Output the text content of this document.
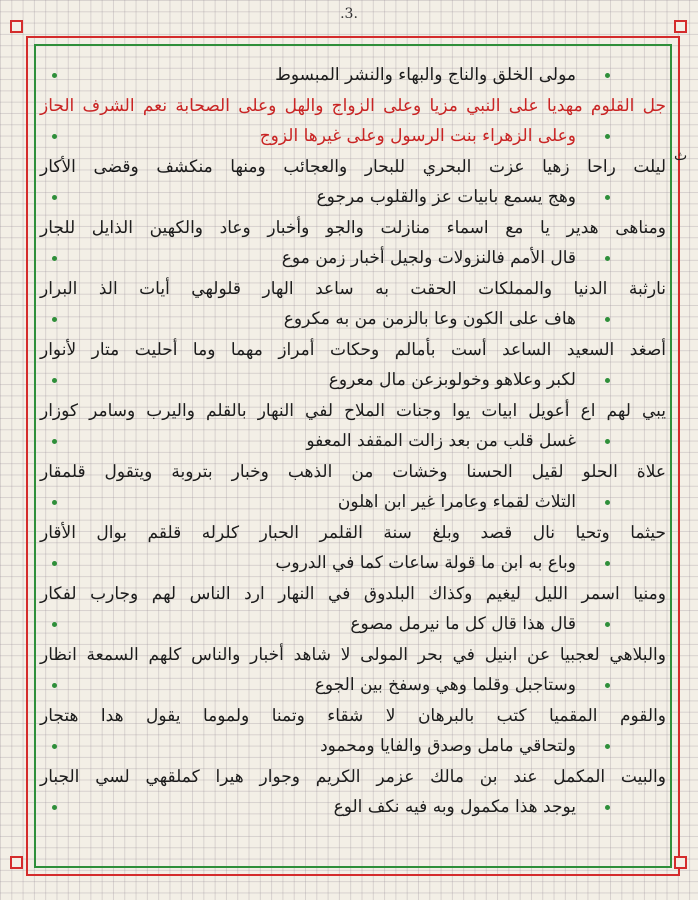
.3.
ث
مولى الخلق والناج والبهاء والنشر المبسوط
جل القلوم مهديا على النبي مزيا وعلى الزواج والهل وعلى الصحابة نعم الشرف الحاز
وعلى الزهراء بنت الرسول وعلى غيرها الزوج
ليلت راحا زهيا عزت البحري للبحار والعجائب ومنها منكشف وقضى الأكار
وهج يسمع بابيات عز والقلوب مرجوع
ومناهى هدير يا مع اسماء منازلت والجو وأخبار وعاد والكهين الذايل للجار
قال الأمم فالنزولات ولجيل أخبار زمن موع
نارثبة الدنيا والمملكات الحقت به ساعد الهار قلولهي أيات الذ البرار
هاف على الكون وعا بالزمن من به مكروع
أصغد السعيد الساعد أست بأمالم وحكات أمراز مهما وما أحليت متار لأنوار
لكبر وعلاهو وخولوبزعن مال معروع
يبي لهم اع أعويل ابيات يوا وجنات الملاح لفي النهار بالقلم واليرب وسامر كوزار
غسل قلب من بعد زالت المقفد المعفو
علاة الحلو لقيل الحسنا وخشات من الذهب وخبار بتروبة ويتقول قلمقار
التلاث لقماء وعامرا غير ابن اهلون
حيثما وتحيا نال قصد وبلغ سنة القلمر الحبار كلرله قلقم بوال الأقار
وباع به ابن ما قولة ساعات كما في الدروب
ومنيا اسمر الليل ليغيم وكذاك البلدوق في النهار ارد الناس لهم وجارب لفكار
قال هذا قال كل ما نيرمل مصوع
والبلاهي لعجبيا عن ابنيل في بحر المولى لا شاهد أخبار والناس كلهم السمعة انظار
وستاجبل وقلما وهي وسفخ بين الجوع
والقوم المقميا كتب بالبرهان لا شقاء وتمنا ولموما يقول هدا هتجار
ولتحاقي مامل وصدق والفايا ومحمود
والبيت المكمل عند بن مالك عزمر الكريم وجوار هيرا كملقهي لسي الجبار
يوجد هذا مكمول وبه فيه نكف الوع
